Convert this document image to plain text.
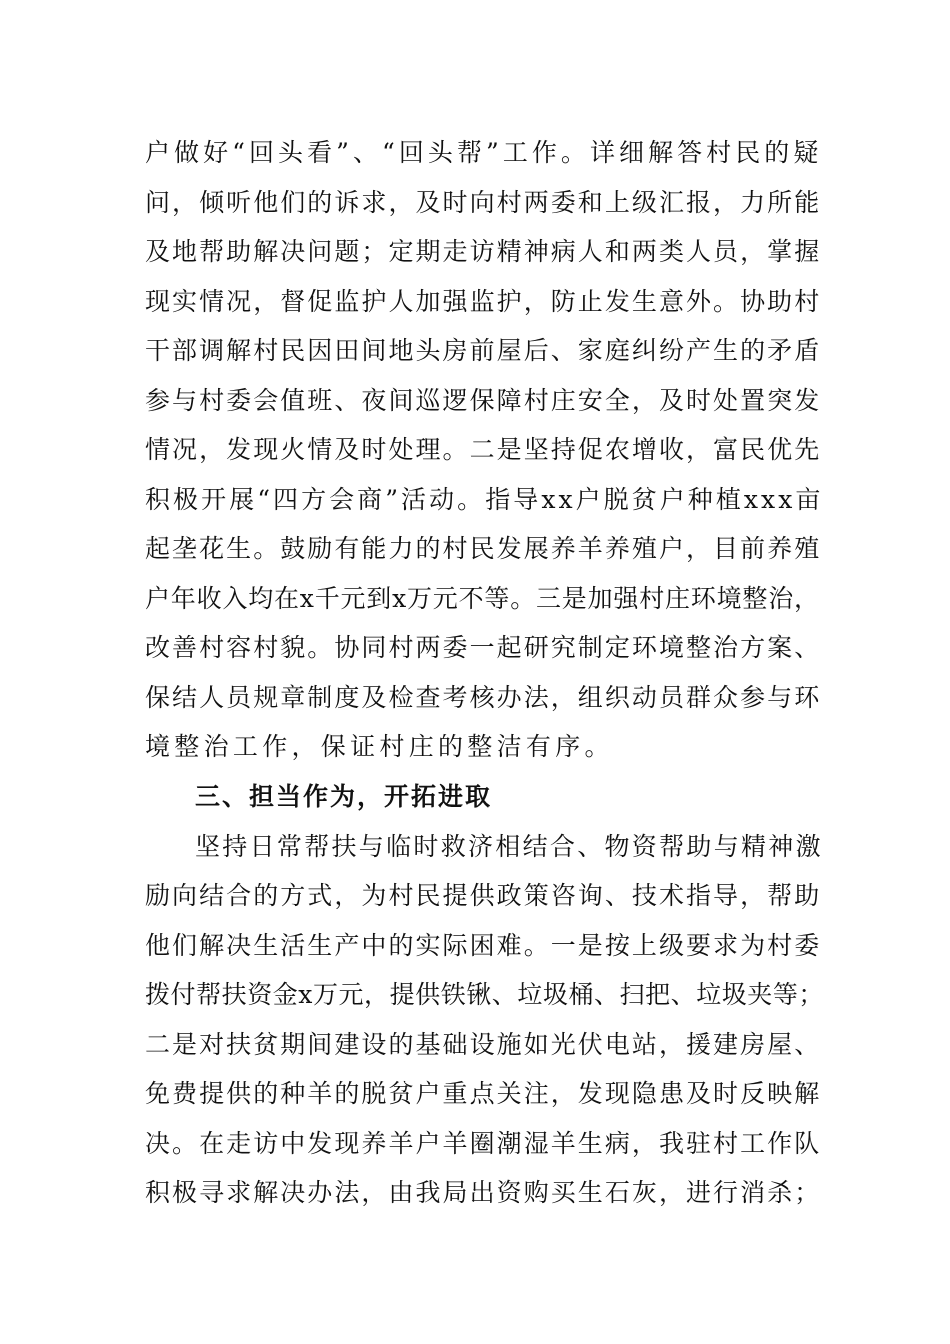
户做好“回头看”、“回头帮”工作。详细解答村民的疑
问，倾听他们的诉求，及时向村两委和上级汇报，力所能
及地帮助解决问题；定期走访精神病人和两类人员，掌握
现实情况，督促监护人加强监护，防止发生意外。协助村
干部调解村民因田间地头房前屋后、家庭纠纷产生的矛盾
参与村委会值班、夜间巡逻保障村庄安全，及时处置突发
情况，发现火情及时处理。二是坚持促农增收，富民优先
积极开展“四方会商”活动。指导xx户脱贫户种植xxx亩
起垄花生。鼓励有能力的村民发展养羊养殖户，目前养殖
户年收入均在x千元到x万元不等。三是加强村庄环境整治，
改善村容村貌。协同村两委一起研究制定环境整治方案、
保结人员规章制度及检查考核办法，组织动员群众参与环
境整治工作，保证村庄的整洁有序。
三、担当作为，开拓进取
坚持日常帮扶与临时救济相结合、物资帮助与精神激
励向结合的方式，为村民提供政策咨询、技术指导，帮助
他们解决生活生产中的实际困难。一是按上级要求为村委
拨付帮扶资金x万元，提供铁锹、垃圾桶、扫把、垃圾夹等；
二是对扶贫期间建设的基础设施如光伏电站，援建房屋、
免费提供的种羊的脱贫户重点关注，发现隐患及时反映解
决。在走访中发现养羊户羊圈潮湿羊生病，我驻村工作队
积极寻求解决办法，由我局出资购买生石灰，进行消杀；
